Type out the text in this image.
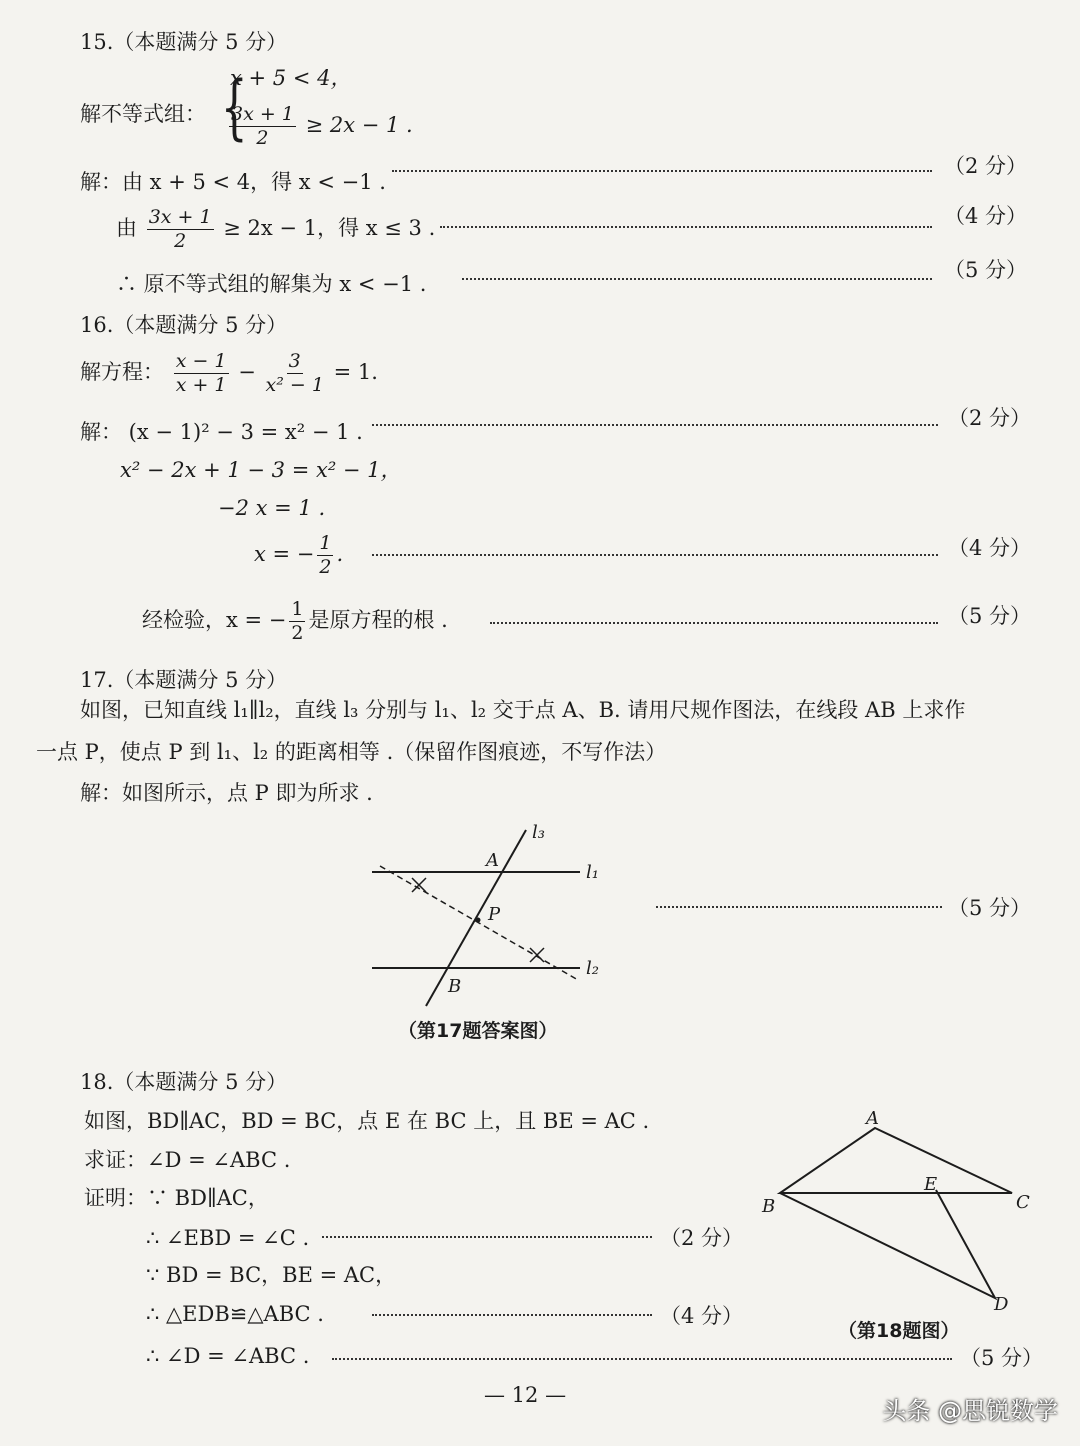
15.（本题满分 5 分）
解不等式组： {
x + 5 < 4，
$\frac{3x + 1}{2} \ge 2x - 1$ .
解：由 x + 5 < 4，得 x < −1 .
（2 分）
由 $\frac{3x + 1}{2} \ge 2x - 1$，得 x ≤ 3 .	（4 分）
∴ 原不等式组的解集为 x < −1 .
（5 分）
16.（本题满分 5 分）
解方程： $\frac{x - 1}{x + 1} - \frac{3}{\text{x² − 1}} = 1$.
解： (x − 1)² − 3 = x² − 1 .
（2 分）
x² − 2x + 1 − 3 = x² − 1，
−2 x = 1 .
x = − $\frac{1}{2}$ .	（4 分）
经检验，x = − $\frac{1}{2}$ 是原方程的根 .	（5 分）
17.（本题满分 5 分）
如图，已知直线 l₁∥l₂，直线 l₃ 分别与 l₁、l₂ 交于点 A、B. 请用尺规作图法，在线段 AB 上求作
一点 P，使点 P 到 l₁、l₂ 的距离相等 .（保留作图痕迹，不写作法）
解：如图所示，点 P 即为所求 .
l₃
l₁
l₂
A
B
P
（第17题答案图）
（5 分）
18.（本题满分 5 分）
如图，BD∥AC，BD = BC，点 E 在 BC 上，且 BE = AC .
求证：∠D = ∠ABC .
证明：∵ BD∥AC，
∴ ∠EBD = ∠C .	（2 分）
∵ BD = BC，BE = AC，
∴ △EDB≌△ABC .	（4 分）
∴ ∠D = ∠ABC .	（5 分）
A
B	C
E
D
（第18题图）
— 12 —
头条 @思锐数学
